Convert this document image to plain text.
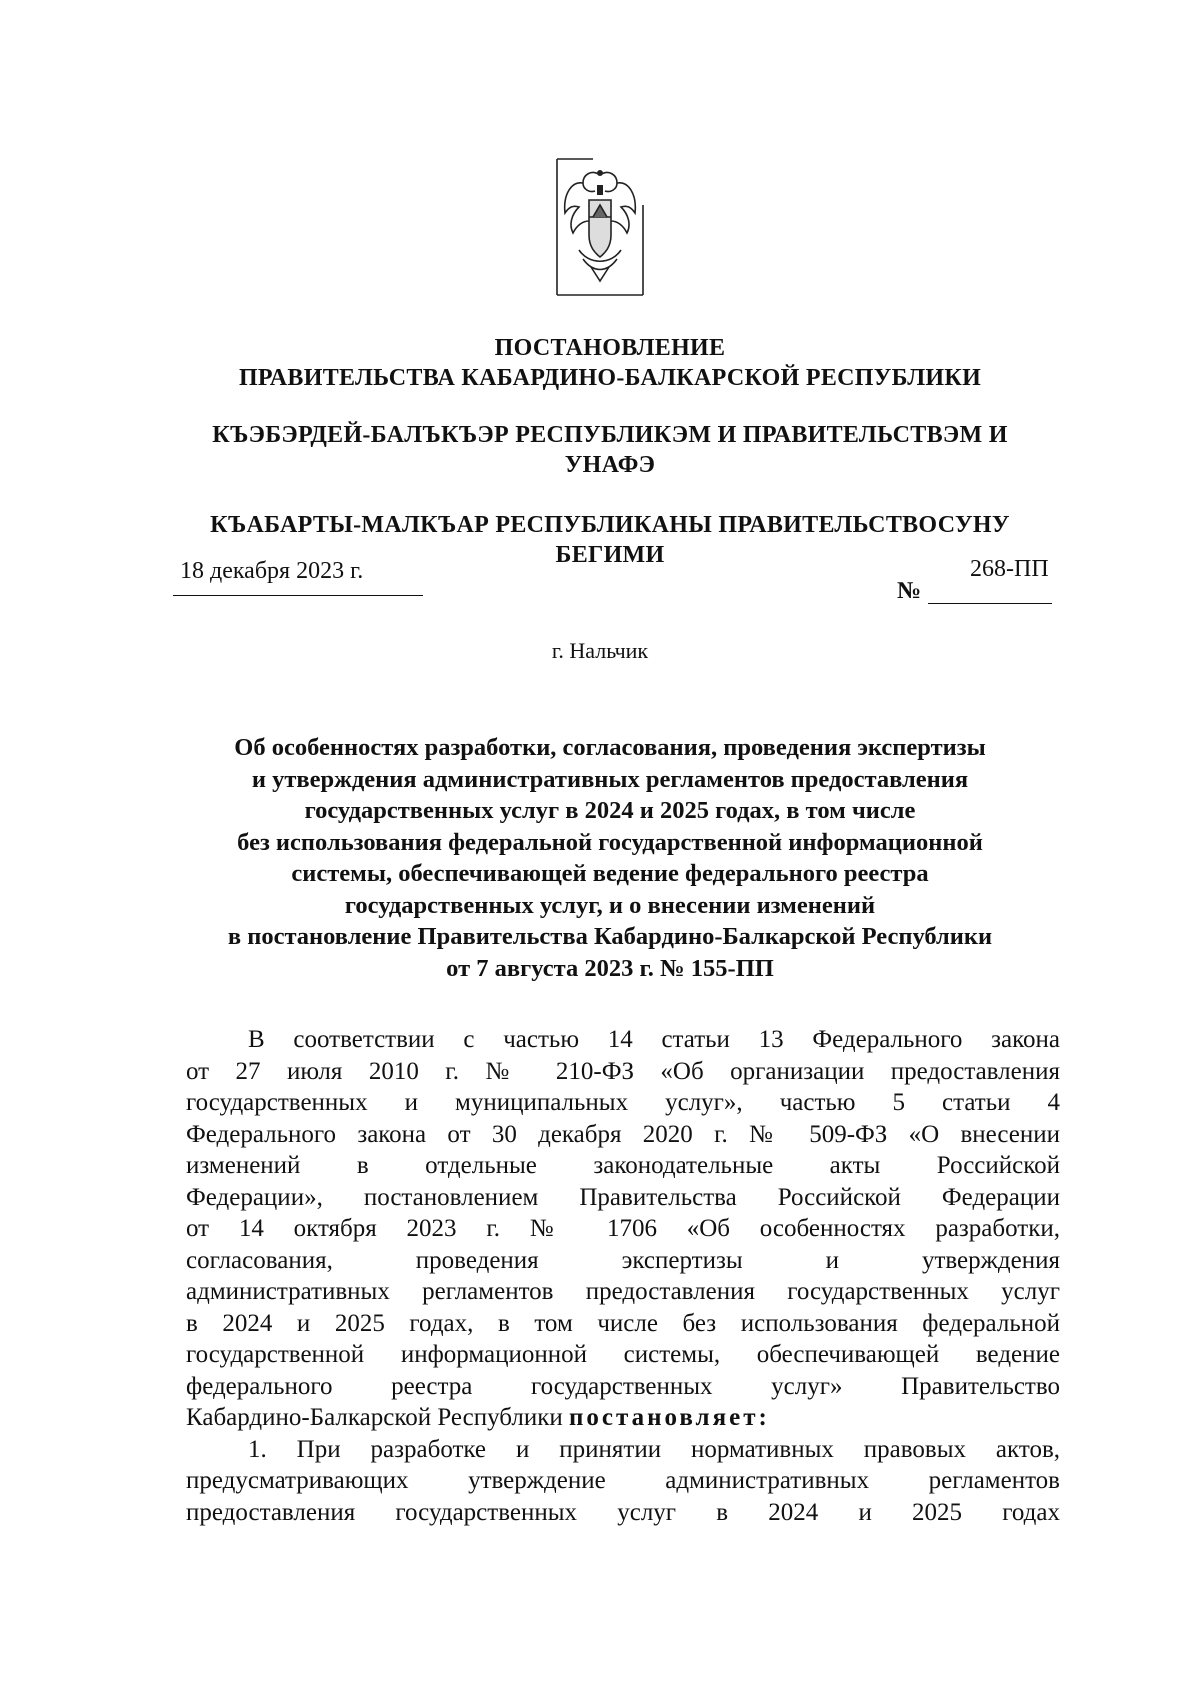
ПОСТАНОВЛЕНИЕ
ПРАВИТЕЛЬСТВА КАБАРДИНО-БАЛКАРСКОЙ РЕСПУБЛИКИ
КЪЭБЭРДЕЙ-БАЛЪКЪЭР РЕСПУБЛИКЭМ И ПРАВИТЕЛЬСТВЭМ И
УНАФЭ
КЪАБАРТЫ-МАЛКЪАР РЕСПУБЛИКАНЫ ПРАВИТЕЛЬСТВОСУНУ
БЕГИМИ
18 декабря 2023 г.
№
268-ПП
г. Нальчик
Об особенностях разработки, согласования, проведения экспертизы
и утверждения административных регламентов предоставления
государственных услуг в 2024 и 2025 годах, в том числе
без использования федеральной государственной информационной
системы, обеспечивающей ведение федерального реестра
государственных услуг, и о внесении изменений
в постановление Правительства Кабардино-Балкарской Республики
от 7 августа 2023 г. № 155-ПП
В соответствии с частью 14 статьи 13 Федерального закона
от 27 июля 2010 г. № 210-ФЗ «Об организации предоставления
государственных и муниципальных услуг», частью 5 статьи 4
Федерального закона от 30 декабря 2020 г. № 509-ФЗ «О внесении
изменений в отдельные законодательные акты Российской
Федерации», постановлением Правительства Российской Федерации
от 14 октября 2023 г. № 1706 «Об особенностях разработки,
согласования, проведения экспертизы и утверждения
административных регламентов предоставления государственных услуг
в 2024 и 2025 годах, в том числе без использования федеральной
государственной информационной системы, обеспечивающей ведение
федерального реестра государственных услуг» Правительство
Кабардино-Балкарской Республики постановляет:
1. При разработке и принятии нормативных правовых актов,
предусматривающих утверждение административных регламентов
предоставления государственных услуг в 2024 и 2025 годах
